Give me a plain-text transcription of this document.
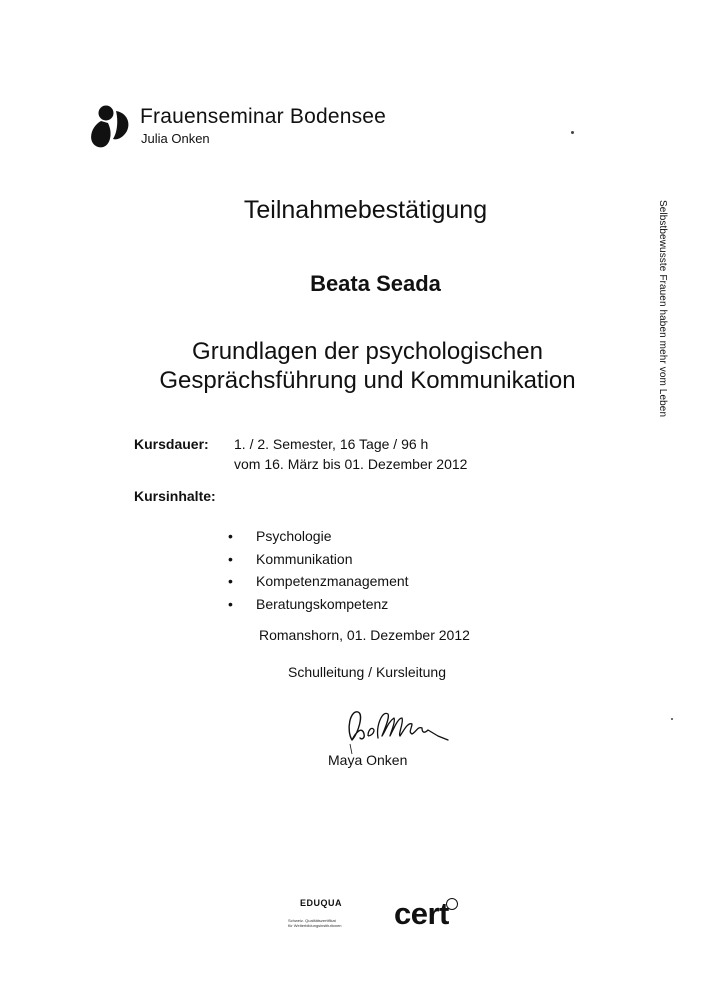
Frauenseminar Bodensee
Julia Onken
Selbstbewusste Frauen haben mehr vom Leben
Teilnahmebestätigung
Beata Seada
Grundlagen der psychologischen
Gesprächsführung und Kommunikation
Kursdauer: 1. / 2. Semester, 16 Tage / 96 h
vom 16. März bis 01. Dezember 2012
Kursinhalte:
• Psychologie
• Kommunikation
• Kompetenzmanagement
• Beratungskompetenz
Romanshorn, 01. Dezember 2012
Schulleitung / Kursleitung
Maya Onken
EDUQUA
Schweiz. Qualitätszertifikat
für Weiterbildungsinstitutionen cert
